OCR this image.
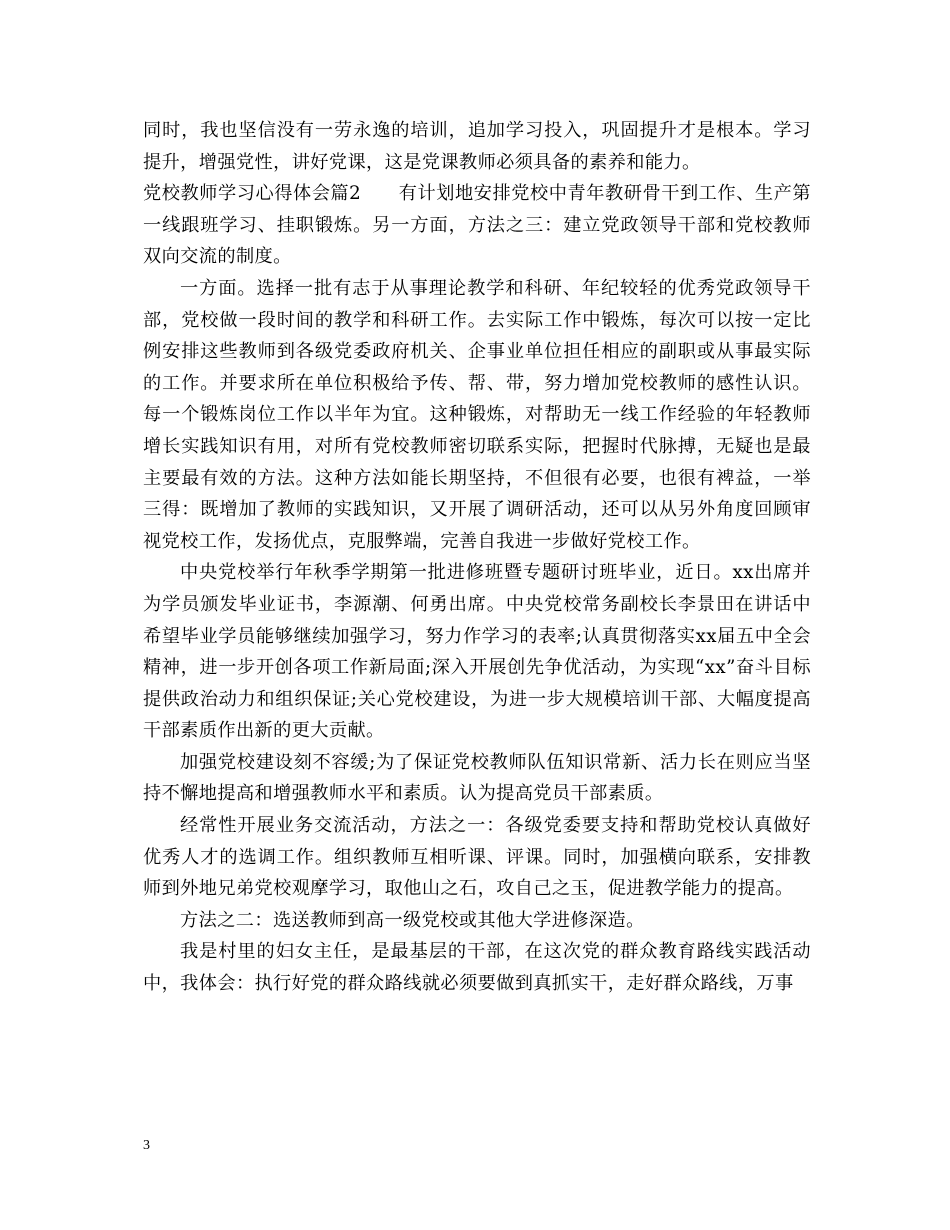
同时，我也坚信没有一劳永逸的培训，追加学习投入，巩固提升才是根本。学习提升，增强党性，讲好党课，这是党课教师必须具备的素养和能力。

党校教师学习心得体会篇2　　有计划地安排党校中青年教研骨干到工作、生产第一线跟班学习、挂职锻炼。另一方面，方法之三：建立党政领导干部和党校教师双向交流的制度。

一方面。选择一批有志于从事理论教学和科研、年纪较轻的优秀党政领导干部，党校做一段时间的教学和科研工作。去实际工作中锻炼，每次可以按一定比例安排这些教师到各级党委政府机关、企事业单位担任相应的副职或从事最实际的工作。并要求所在单位积极给予传、帮、带，努力增加党校教师的感性认识。每一个锻炼岗位工作以半年为宜。这种锻炼，对帮助无一线工作经验的年轻教师增长实践知识有用，对所有党校教师密切联系实际，把握时代脉搏，无疑也是最主要最有效的方法。这种方法如能长期坚持，不但很有必要，也很有裨益，一举三得：既增加了教师的实践知识，又开展了调研活动，还可以从另外角度回顾审视党校工作，发扬优点，克服弊端，完善自我进一步做好党校工作。

中央党校举行年秋季学期第一批进修班暨专题研讨班毕业，近日。xx出席并为学员颁发毕业证书，李源潮、何勇出席。中央党校常务副校长李景田在讲话中希望毕业学员能够继续加强学习，努力作学习的表率;认真贯彻落实xx届五中全会精神，进一步开创各项工作新局面;深入开展创先争优活动，为实现“xx”奋斗目标提供政治动力和组织保证;关心党校建设，为进一步大规模培训干部、大幅度提高干部素质作出新的更大贡献。

加强党校建设刻不容缓;为了保证党校教师队伍知识常新、活力长在则应当坚持不懈地提高和增强教师水平和素质。认为提高党员干部素质。

经常性开展业务交流活动，方法之一：各级党委要支持和帮助党校认真做好优秀人才的选调工作。组织教师互相听课、评课。同时，加强横向联系，安排教师到外地兄弟党校观摩学习，取他山之石，攻自己之玉，促进教学能力的提高。

方法之二：选送教师到高一级党校或其他大学进修深造。

我是村里的妇女主任，是最基层的干部，在这次党的群众教育路线实践活动中，我体会：执行好党的群众路线就必须要做到真抓实干，走好群众路线，万事

3
